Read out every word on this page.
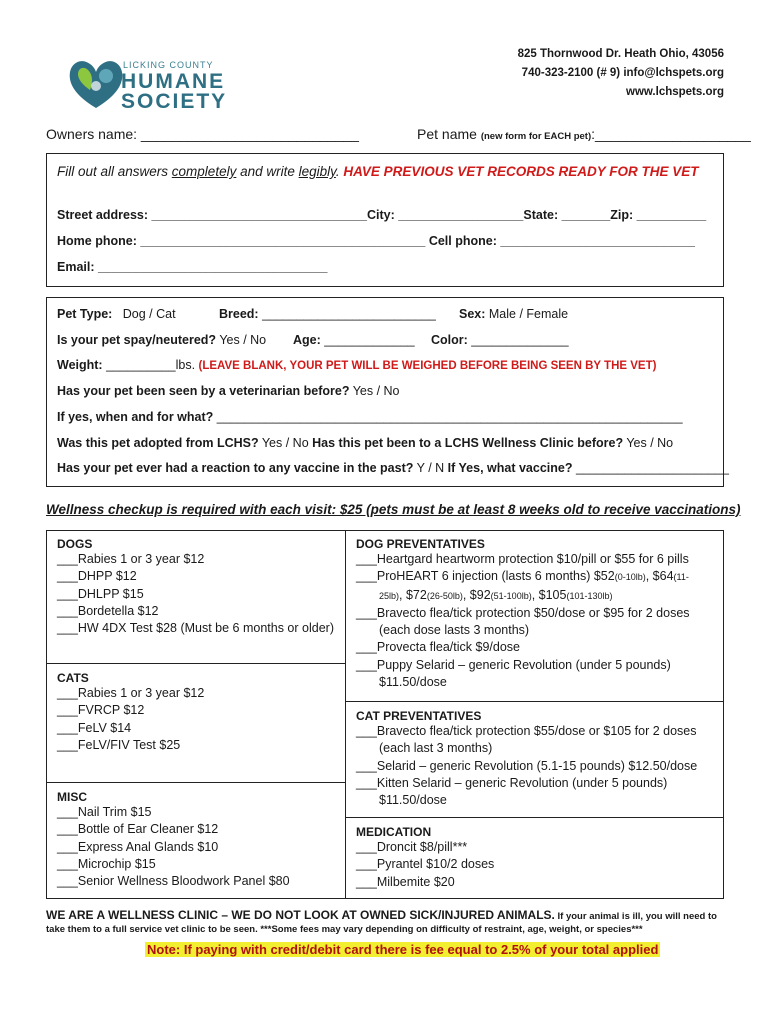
LICKING COUNTY
HUMANE
SOCIETY
825 Thornwood Dr. Heath Ohio, 43056
740-323-2100 (# 9) info@lchspets.org
www.lchspets.org
Owners name: ____________________________	Pet name (new form for EACH pet):____________________
Fill out all answers completely and write legibly. HAVE PREVIOUS VET RECORDS READY FOR THE VET
Street address: _______________________________City: __________________State: _______Zip: __________
Home phone: _________________________________________ Cell phone: ____________________________
Email: _________________________________
Pet Type: Dog / Cat	Breed: _________________________ Sex: Male / Female
Is your pet spay/neutered? Yes / No Age: _____________ Color: ______________
Weight: __________lbs. (LEAVE BLANK, YOUR PET WILL BE WEIGHED BEFORE BEING SEEN BY THE VET)
Has your pet been seen by a veterinarian before? Yes / No
If yes, when and for what? ___________________________________________________________________
Was this pet adopted from LCHS? Yes / No Has this pet been to a LCHS Wellness Clinic before? Yes / No
Has your pet ever had a reaction to any vaccine in the past? Y / N If Yes, what vaccine? ______________________
Wellness checkup is required with each visit: $25 (pets must be at least 8 weeks old to receive vaccinations)
DOGS
___Rabies 1 or 3 year $12
___DHPP $12
___DHLPP $15
___Bordetella $12
___HW 4DX Test $28 (Must be 6 months or older)
CATS
___Rabies 1 or 3 year $12
___FVRCP $12
___FeLV $14
___FeLV/FIV Test $25
MISC
___Nail Trim $15
___Bottle of Ear Cleaner $12
___Express Anal Glands $10
___Microchip $15
___Senior Wellness Bloodwork Panel $80
DOG PREVENTATIVES
___Heartgard heartworm protection $10/pill or $55 for 6 pills
___ProHEART 6 injection (lasts 6 months) $52(0-10lb), $64(11-
25lb), $72(26-50lb), $92(51-100lb), $105(101-130lb)
___Bravecto flea/tick protection $50/dose or $95 for 2 doses
(each dose lasts 3 months)
___Provecta flea/tick $9/dose
___Puppy Selarid – generic Revolution (under 5 pounds)
$11.50/dose
CAT PREVENTATIVES
___Bravecto flea/tick protection $55/dose or $105 for 2 doses
(each last 3 months)
___Selarid – generic Revolution (5.1-15 pounds) $12.50/dose
___Kitten Selarid – generic Revolution (under 5 pounds)
$11.50/dose
MEDICATION
___Droncit $8/pill***
___Pyrantel $10/2 doses
___Milbemite $20
WE ARE A WELLNESS CLINIC – WE DO NOT LOOK AT OWNED SICK/INJURED ANIMALS. If your animal is ill, you will need to
take them to a full service vet clinic to be seen. ***Some fees may vary depending on difficulty of restraint, age, weight, or species***
Note: If paying with credit/debit card there is fee equal to 2.5% of your total applied
